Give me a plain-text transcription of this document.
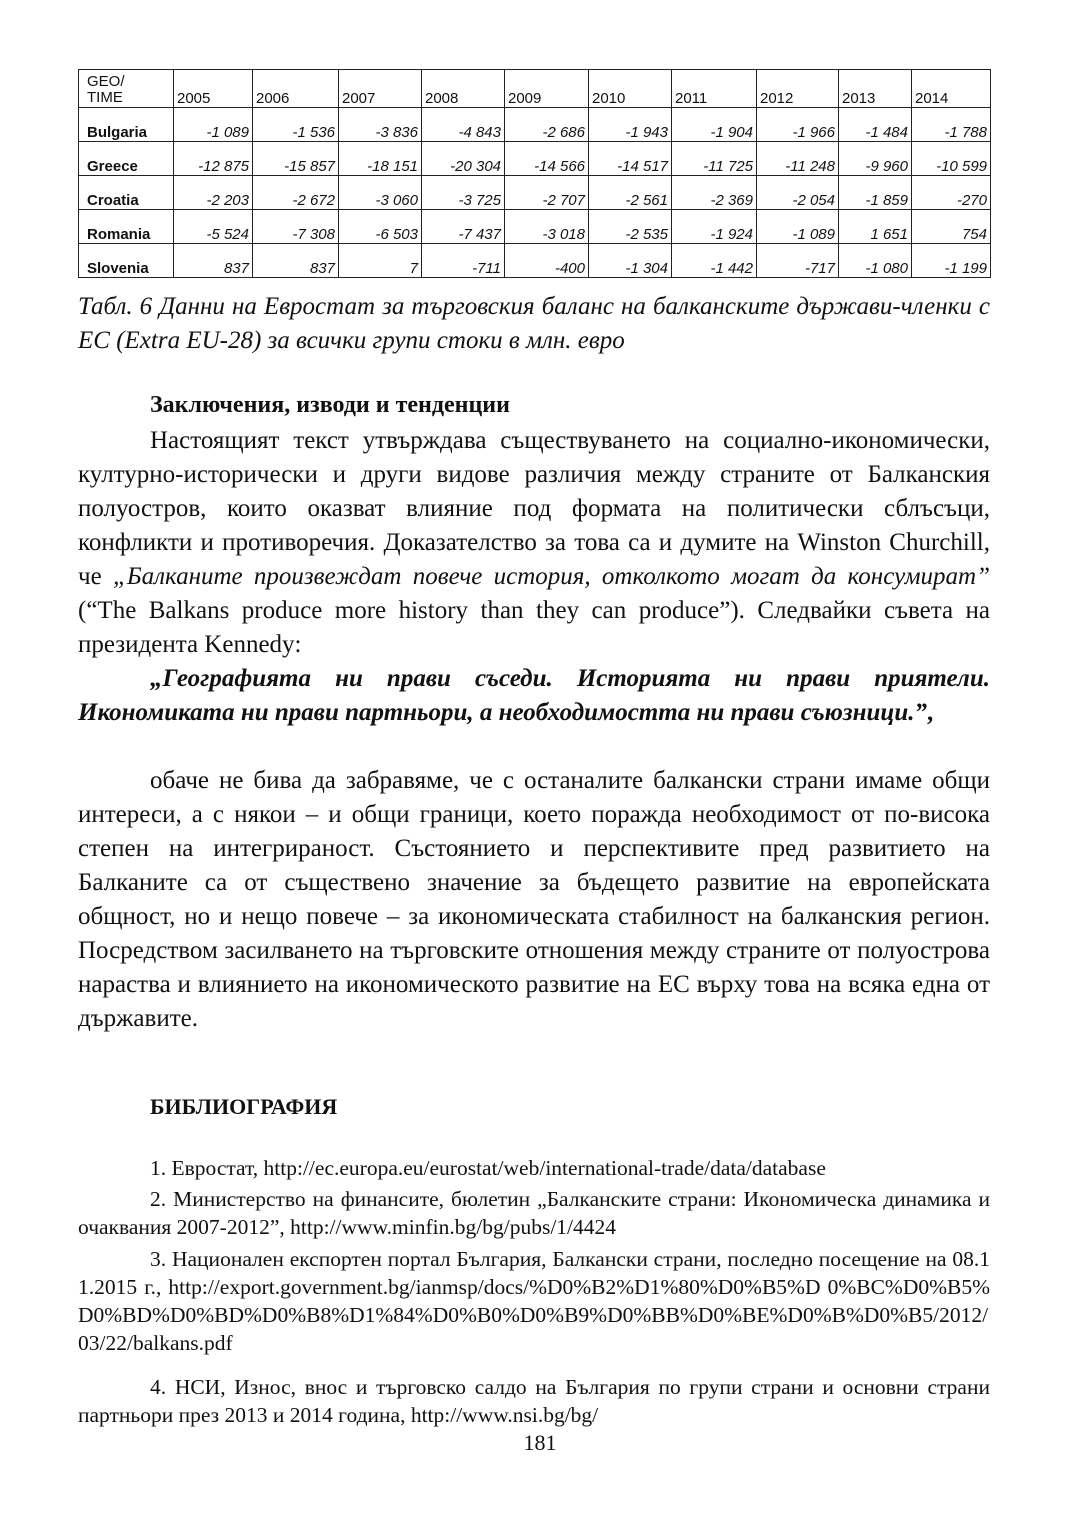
GEO/
TIME	2005	2006	2007	2008	2009	2010	2011	2012	2013	2014
Bulgaria	-1 089	-1 536	-3 836	-4 843	-2 686	-1 943	-1 904	-1 966	-1 484	-1 788
Greece	-12 875	-15 857	-18 151	-20 304	-14 566	-14 517	-11 725	-11 248	-9 960	-10 599
Croatia	-2 203	-2 672	-3 060	-3 725	-2 707	-2 561	-2 369	-2 054	-1 859	-270
Romania	-5 524	-7 308	-6 503	-7 437	-3 018	-2 535	-1 924	-1 089	1 651	754
Slovenia	837	837	7	-711	-400	-1 304	-1 442	-717	-1 080	-1 199

Табл. 6 Данни на Евростат за търговския баланс на балканските държави-членки с ЕС (Extra EU-28) за всички групи стоки в млн. евро

Заключения, изводи и тенденции

Настоящият текст утвърждава съществуването на социално-икономически, културно-исторически и други видове различия между страните от Балканския полуостров, които оказват влияние под формата на политически сблъсъци, конфликти и противоречия. Доказателство за това са и думите на Winston Churchill, че „Балканите произвеждат повече история, отколкото могат да консумират” (“The Balkans produce more history than they can produce”). Следвайки съвета на президента Kennedy:

„Географията ни прави съседи. Историята ни прави приятели. Икономиката ни прави партньори, а необходимостта ни прави съюзници.”,

обаче не бива да забравяме, че с останалите балкански страни имаме общи интереси, а с някои – и общи граници, което поражда необходимост от по-висока степен на интегрираност. Състоянието и перспективите пред развитието на Балканите са от съществено значение за бъдещето развитие на европейската общност, но и нещо повече – за икономическата стабилност на балканския регион. Посредством засилването на търговските отношения между страните от полуострова нараства и влиянието на икономическото развитие на ЕС върху това на всяка една от държавите.

БИБЛИОГРАФИЯ

1. Евростат, http://ec.europa.eu/eurostat/web/international-trade/data/database

2. Министерство на финансите, бюлетин „Балканските страни: Икономическа динамика и очаквания 2007-2012”, http://www.minfin.bg/bg/pubs/1/4424

3. Национален експортен портал България, Балкански страни, последно посещение на 08.11.2015 г., http://export.government.bg/ianmsp/docs/%D0%B2%D1%80%D0%B5%D 0%BC%D0%B5%D0%BD%D0%BD%D0%B8%D1%84%D0%B0%D0%B9%D0%BB%D0%BE%D0%B%D0%B5/2012/03/22/balkans.pdf

4. НСИ, Износ, внос и търговско салдо на България по групи страни и основни страни партньори през 2013 и 2014 година, http://www.nsi.bg/bg/

181
